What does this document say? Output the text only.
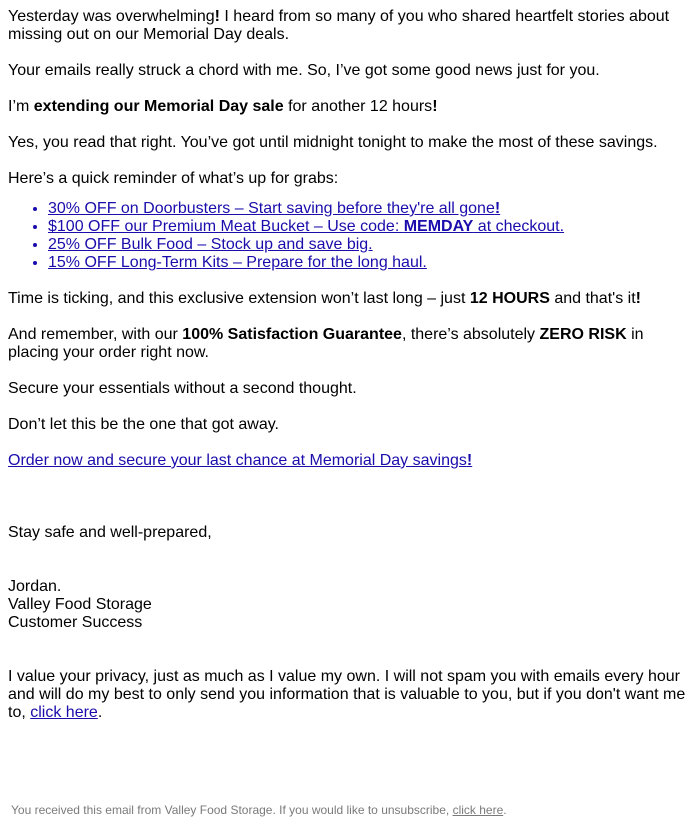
Yesterday was overwhelming! I heard from so many of you who shared heartfelt stories about missing out on our Memorial Day deals.

Your emails really struck a chord with me. So, I’ve got some good news just for you.

I’m extending our Memorial Day sale for another 12 hours!

Yes, you read that right. You’ve got until midnight tonight to make the most of these savings.

Here’s a quick reminder of what’s up for grabs:

• 30% OFF on Doorbusters – Start saving before they're all gone!
• $100 OFF our Premium Meat Bucket – Use code: MEMDAY at checkout.
• 25% OFF Bulk Food – Stock up and save big.
• 15% OFF Long-Term Kits – Prepare for the long haul.

Time is ticking, and this exclusive extension won’t last long – just 12 HOURS and that's it!

And remember, with our 100% Satisfaction Guarantee, there’s absolutely ZERO RISK in placing your order right now.

Secure your essentials without a second thought.

Don’t let this be the one that got away.

Order now and secure your last chance at Memorial Day savings!

Stay safe and well-prepared,

Jordan.
Valley Food Storage
Customer Success

I value your privacy, just as much as I value my own. I will not spam you with emails every hour and will do my best to only send you information that is valuable to you, but if you don't want me to, click here.

You received this email from Valley Food Storage. If you would like to unsubscribe, click here.
